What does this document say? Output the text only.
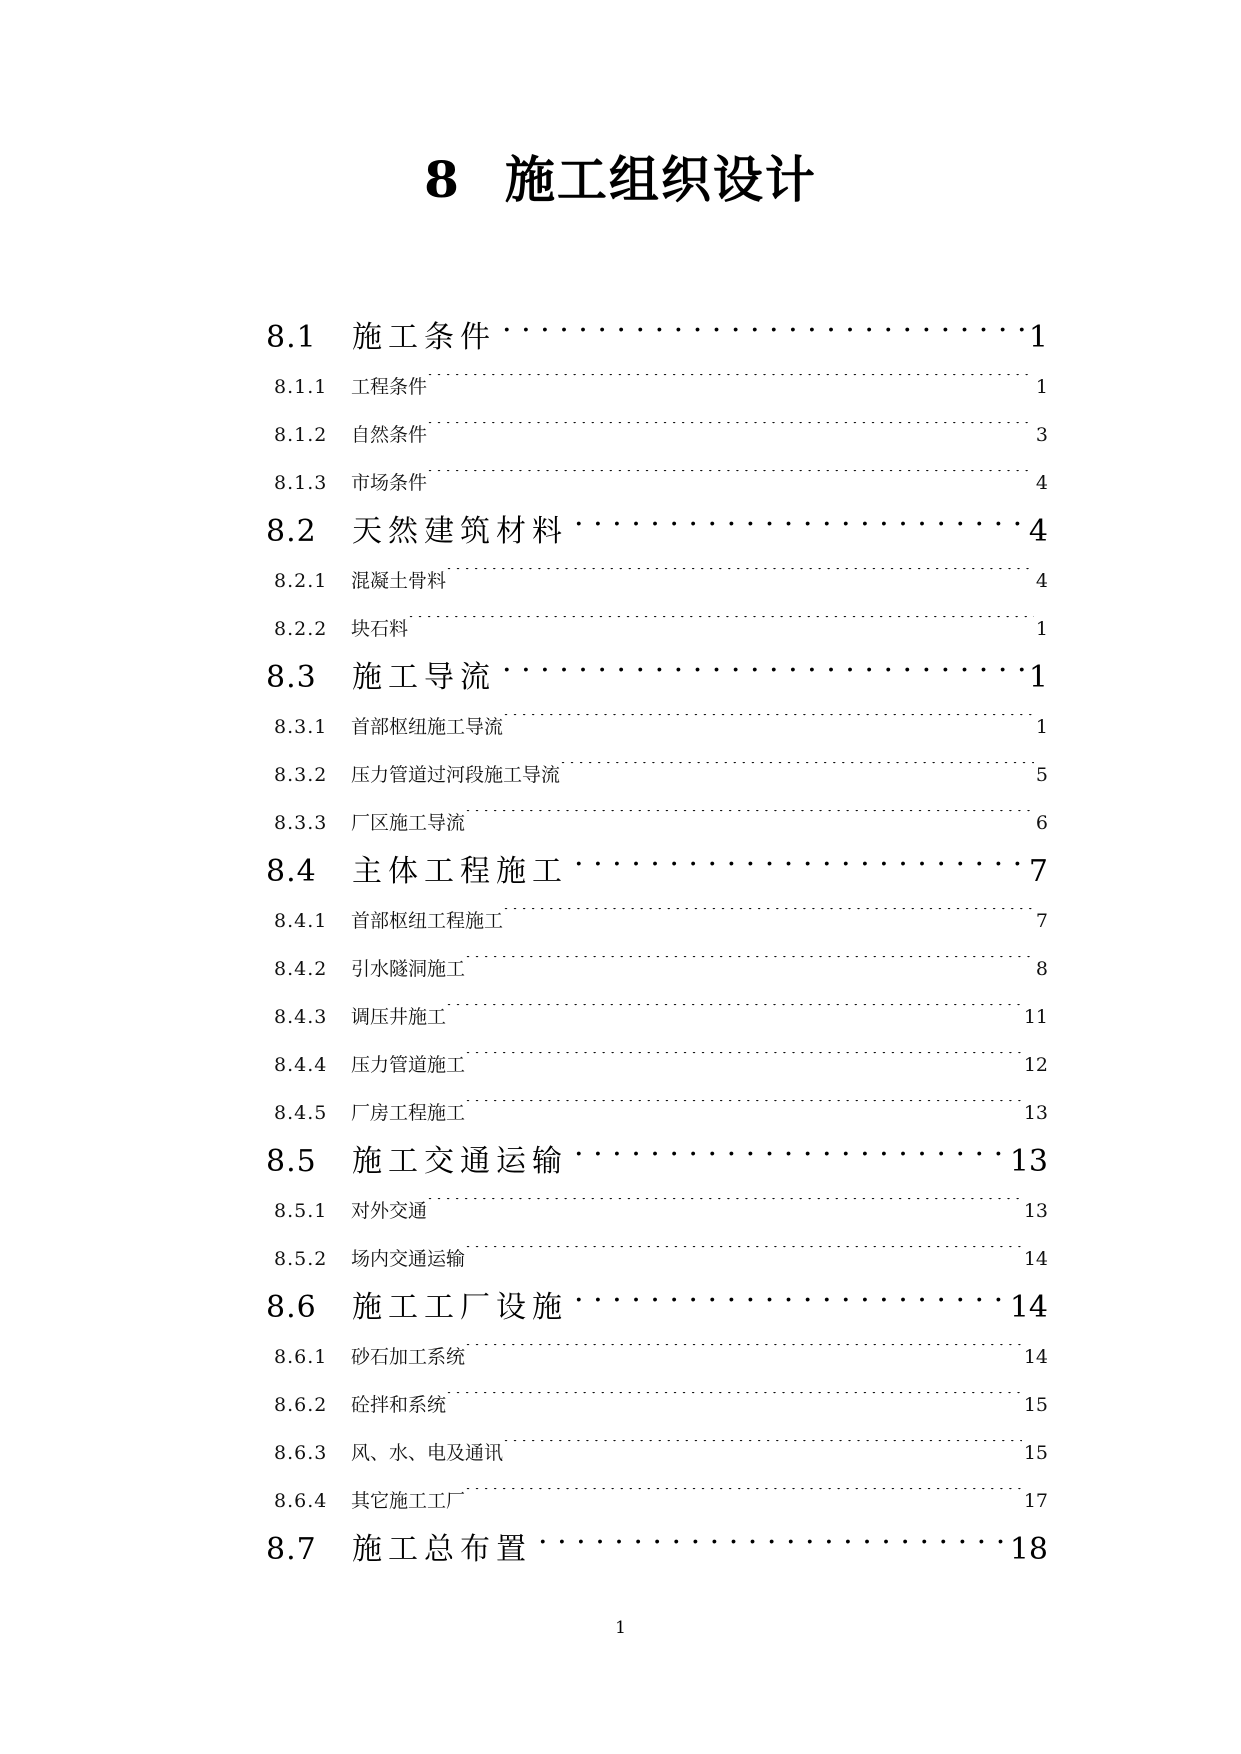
8 施工组织设计
8.1	施工条件 . . .	1
8.1.1	工程条件 .....	1
8.1.2	自然条件 .....	3
8.1.3	市场条件 .....	4
8.2	天然建筑材料 . . .	4
8.2.1	混凝土骨料 .....	4
8.2.2	块石料 .....	1
8.3	施工导流 . . .	1
8.3.1	首部枢纽施工导流 .....	1
8.3.2	压力管道过河段施工导流 .....	5
8.3.3	厂区施工导流 .....	6
8.4	主体工程施工 . . .	7
8.4.1	首部枢纽工程施工 .....	7
8.4.2	引水隧洞施工 .....	8
8.4.3	调压井施工 .....	11
8.4.4	压力管道施工 .....	12
8.4.5	厂房工程施工 .....	13
8.5	施工交通运输 . . .	13
8.5.1	对外交通 .....	13
8.5.2	场内交通运输 .....	14
8.6	施工工厂设施 . . .	14
8.6.1	砂石加工系统 .....	14
8.6.2	砼拌和系统 .....	15
8.6.3	风、水、电及通讯 .....	15
8.6.4	其它施工工厂 .....	17
8.7	施工总布置 . . .	18
1
